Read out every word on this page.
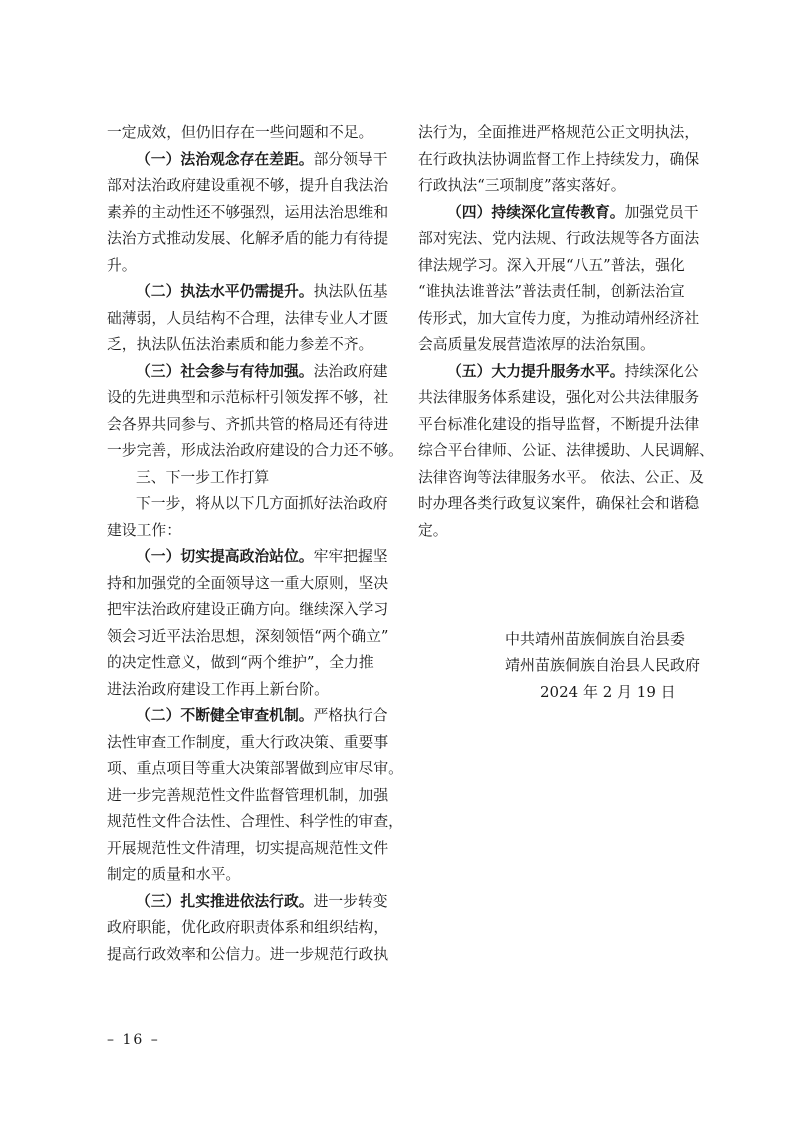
一定成效，但仍旧存在一些问题和不足。
（一）法治观念存在差距。部分领导干
部对法治政府建设重视不够，提升自我法治
素养的主动性还不够强烈，运用法治思维和
法治方式推动发展、化解矛盾的能力有待提
升。
（二）执法水平仍需提升。执法队伍基
础薄弱，人员结构不合理，法律专业人才匮
乏，执法队伍法治素质和能力参差不齐。
（三）社会参与有待加强。法治政府建
设的先进典型和示范标杆引领发挥不够，社
会各界共同参与、齐抓共管的格局还有待进
一步完善，形成法治政府建设的合力还不够。
三、下一步工作打算
下一步，将从以下几方面抓好法治政府
建设工作：
（一）切实提高政治站位。牢牢把握坚
持和加强党的全面领导这一重大原则，坚决
把牢法治政府建设正确方向。继续深入学习
领会习近平法治思想，深刻领悟“两个确立”
的决定性意义，做到“两个维护”，全力推
进法治政府建设工作再上新台阶。
（二）不断健全审查机制。严格执行合
法性审查工作制度，重大行政决策、重要事
项、重点项目等重大决策部署做到应审尽审。
进一步完善规范性文件监督管理机制，加强
规范性文件合法性、合理性、科学性的审查，
开展规范性文件清理，切实提高规范性文件
制定的质量和水平。
（三）扎实推进依法行政。进一步转变
政府职能，优化政府职责体系和组织结构，
提高行政效率和公信力。进一步规范行政执
法行为，全面推进严格规范公正文明执法，
在行政执法协调监督工作上持续发力，确保
行政执法“三项制度”落实落好。
（四）持续深化宣传教育。加强党员干
部对宪法、党内法规、行政法规等各方面法
律法规学习。深入开展“八五”普法，强化
“谁执法谁普法”普法责任制，创新法治宣
传形式，加大宣传力度，为推动靖州经济社
会高质量发展营造浓厚的法治氛围。
（五）大力提升服务水平。持续深化公
共法律服务体系建设，强化对公共法律服务
平台标准化建设的指导监督，不断提升法律
综合平台律师、公证、法律援助、人民调解、
法律咨询等法律服务水平。 依法、公正、及
时办理各类行政复议案件，确保社会和谐稳
定。
中共靖州苗族侗族自治县委
靖州苗族侗族自治县人民政府
2024 年 2 月 19 日
– 16 –
